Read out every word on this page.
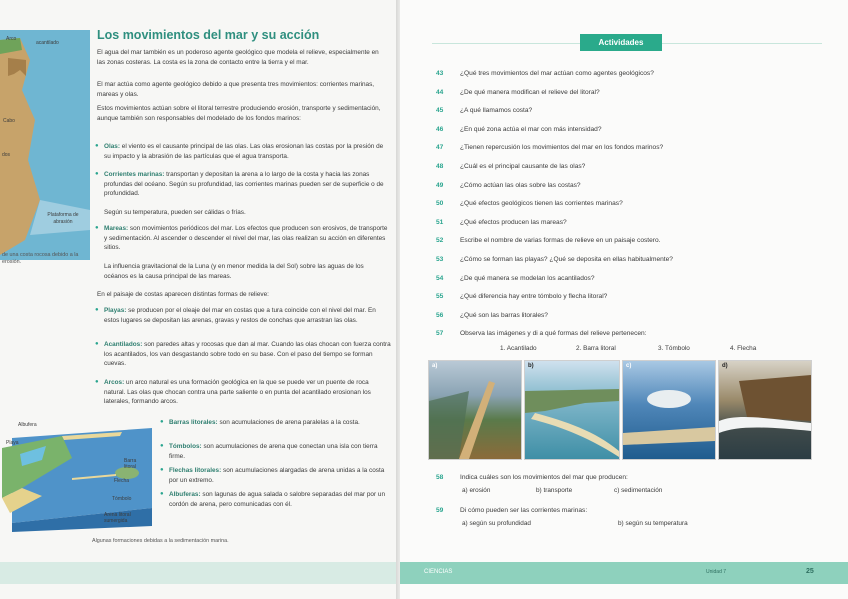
Arco
acantilado
Cabo
dos
Plataforma de abrasión
de una costa rocosa debido a la erosión.
Los movimientos del mar y su acción

El agua del mar también es un poderoso agente geológico que modela el relieve, especialmente en las zonas costeras. La costa es la zona de contacto entre la tierra y el mar.

El mar actúa como agente geológico debido a que presenta tres movimientos: corrientes marinas, mareas y olas.

Estos movimientos actúan sobre el litoral terrestre produciendo erosión, transporte y sedimentación, aunque también son responsables del modelado de los fondos marinos:

● Olas: el viento es el causante principal de las olas. Las olas erosionan las costas por la presión de su impacto y la abrasión de las partículas que el agua transporta.

● Corrientes marinas: transportan y depositan la arena a lo largo de la costa y hacia las zonas profundas del océano. Según su profundidad, las corrientes marinas pueden ser de superficie o de profundidad.

Según su temperatura, pueden ser cálidas o frías.

● Mareas: son movimientos periódicos del mar. Los efectos que producen son erosivos, de transporte y sedimentación. Al ascender o descender el nivel del mar, las olas realizan su acción en diferentes sitios.

La influencia gravitacional de la Luna (y en menor medida la del Sol) sobre las aguas de los océanos es la causa principal de las mareas.

En el paisaje de costas aparecen distintas formas de relieve:

● Playas: se producen por el oleaje del mar en costas que a tura coincide con el nivel del mar. En estos lugares se depositan las arenas, gravas y restos de conchas que arrastran las olas.

● Acantilados: son paredes altas y rocosas que dan al mar. Cuando las olas chocan con fuerza contra los acantilados, los van desgastando sobre todo en su base. Con el paso del tiempo se forman cuevas.

● Arcos: un arco natural es una formación geológica en la que se puede ver un puente de roca natural. Las olas que chocan contra una parte saliente o en punta del acantilado erosionan los laterales, formando arcos.

Albufera
Playa
Barra litoral
Flecha
Tómbolo
Arena litoral sumergida

● Barras litorales: son acumulaciones de arena paralelas a la costa.

● Tómbolos: son acumulaciones de arena que conectan una isla con tierra firme.

● Flechas litorales: son acumulaciones alargadas de arena unidas a la costa por un extremo.

● Albuferas: son lagunas de agua salada o salobre separadas del mar por un cordón de arena, pero comunicadas con él.

Algunas formaciones debidas a la sedimentación marina.
Actividades
43	¿Qué tres movimientos del mar actúan como agentes geológicos?
44	¿De qué manera modifican el relieve del litoral?
45	¿A qué llamamos costa?
46	¿En qué zona actúa el mar con más intensidad?
47	¿Tienen repercusión los movimientos del mar en los fondos marinos?
48	¿Cuál es el principal causante de las olas?
49	¿Cómo actúan las olas sobre las costas?
50	¿Qué efectos geológicos tienen las corrientes marinas?
51	¿Qué efectos producen las mareas?
52	Escribe el nombre de varias formas de relieve en un paisaje costero.
53	¿Cómo se forman las playas? ¿Qué se deposita en ellas habitualmente?
54	¿De qué manera se modelan los acantilados?
55	¿Qué diferencia hay entre tómbolo y flecha litoral?
56	¿Qué son las barras litorales?
57	Observa las imágenes y di a qué formas del relieve pertenecen:
1. Acantilado	2. Barra litoral	3. Tómbolo	4. Flecha
a)	b)	c)	d)
58	Indica cuáles son los movimientos del mar que producen:
a) erosión	b) transporte	c) sedimentación
59	Di cómo pueden ser las corrientes marinas:
a) según su profundidad	b) según su temperatura
CIENCIAS	Unidad 7	25
